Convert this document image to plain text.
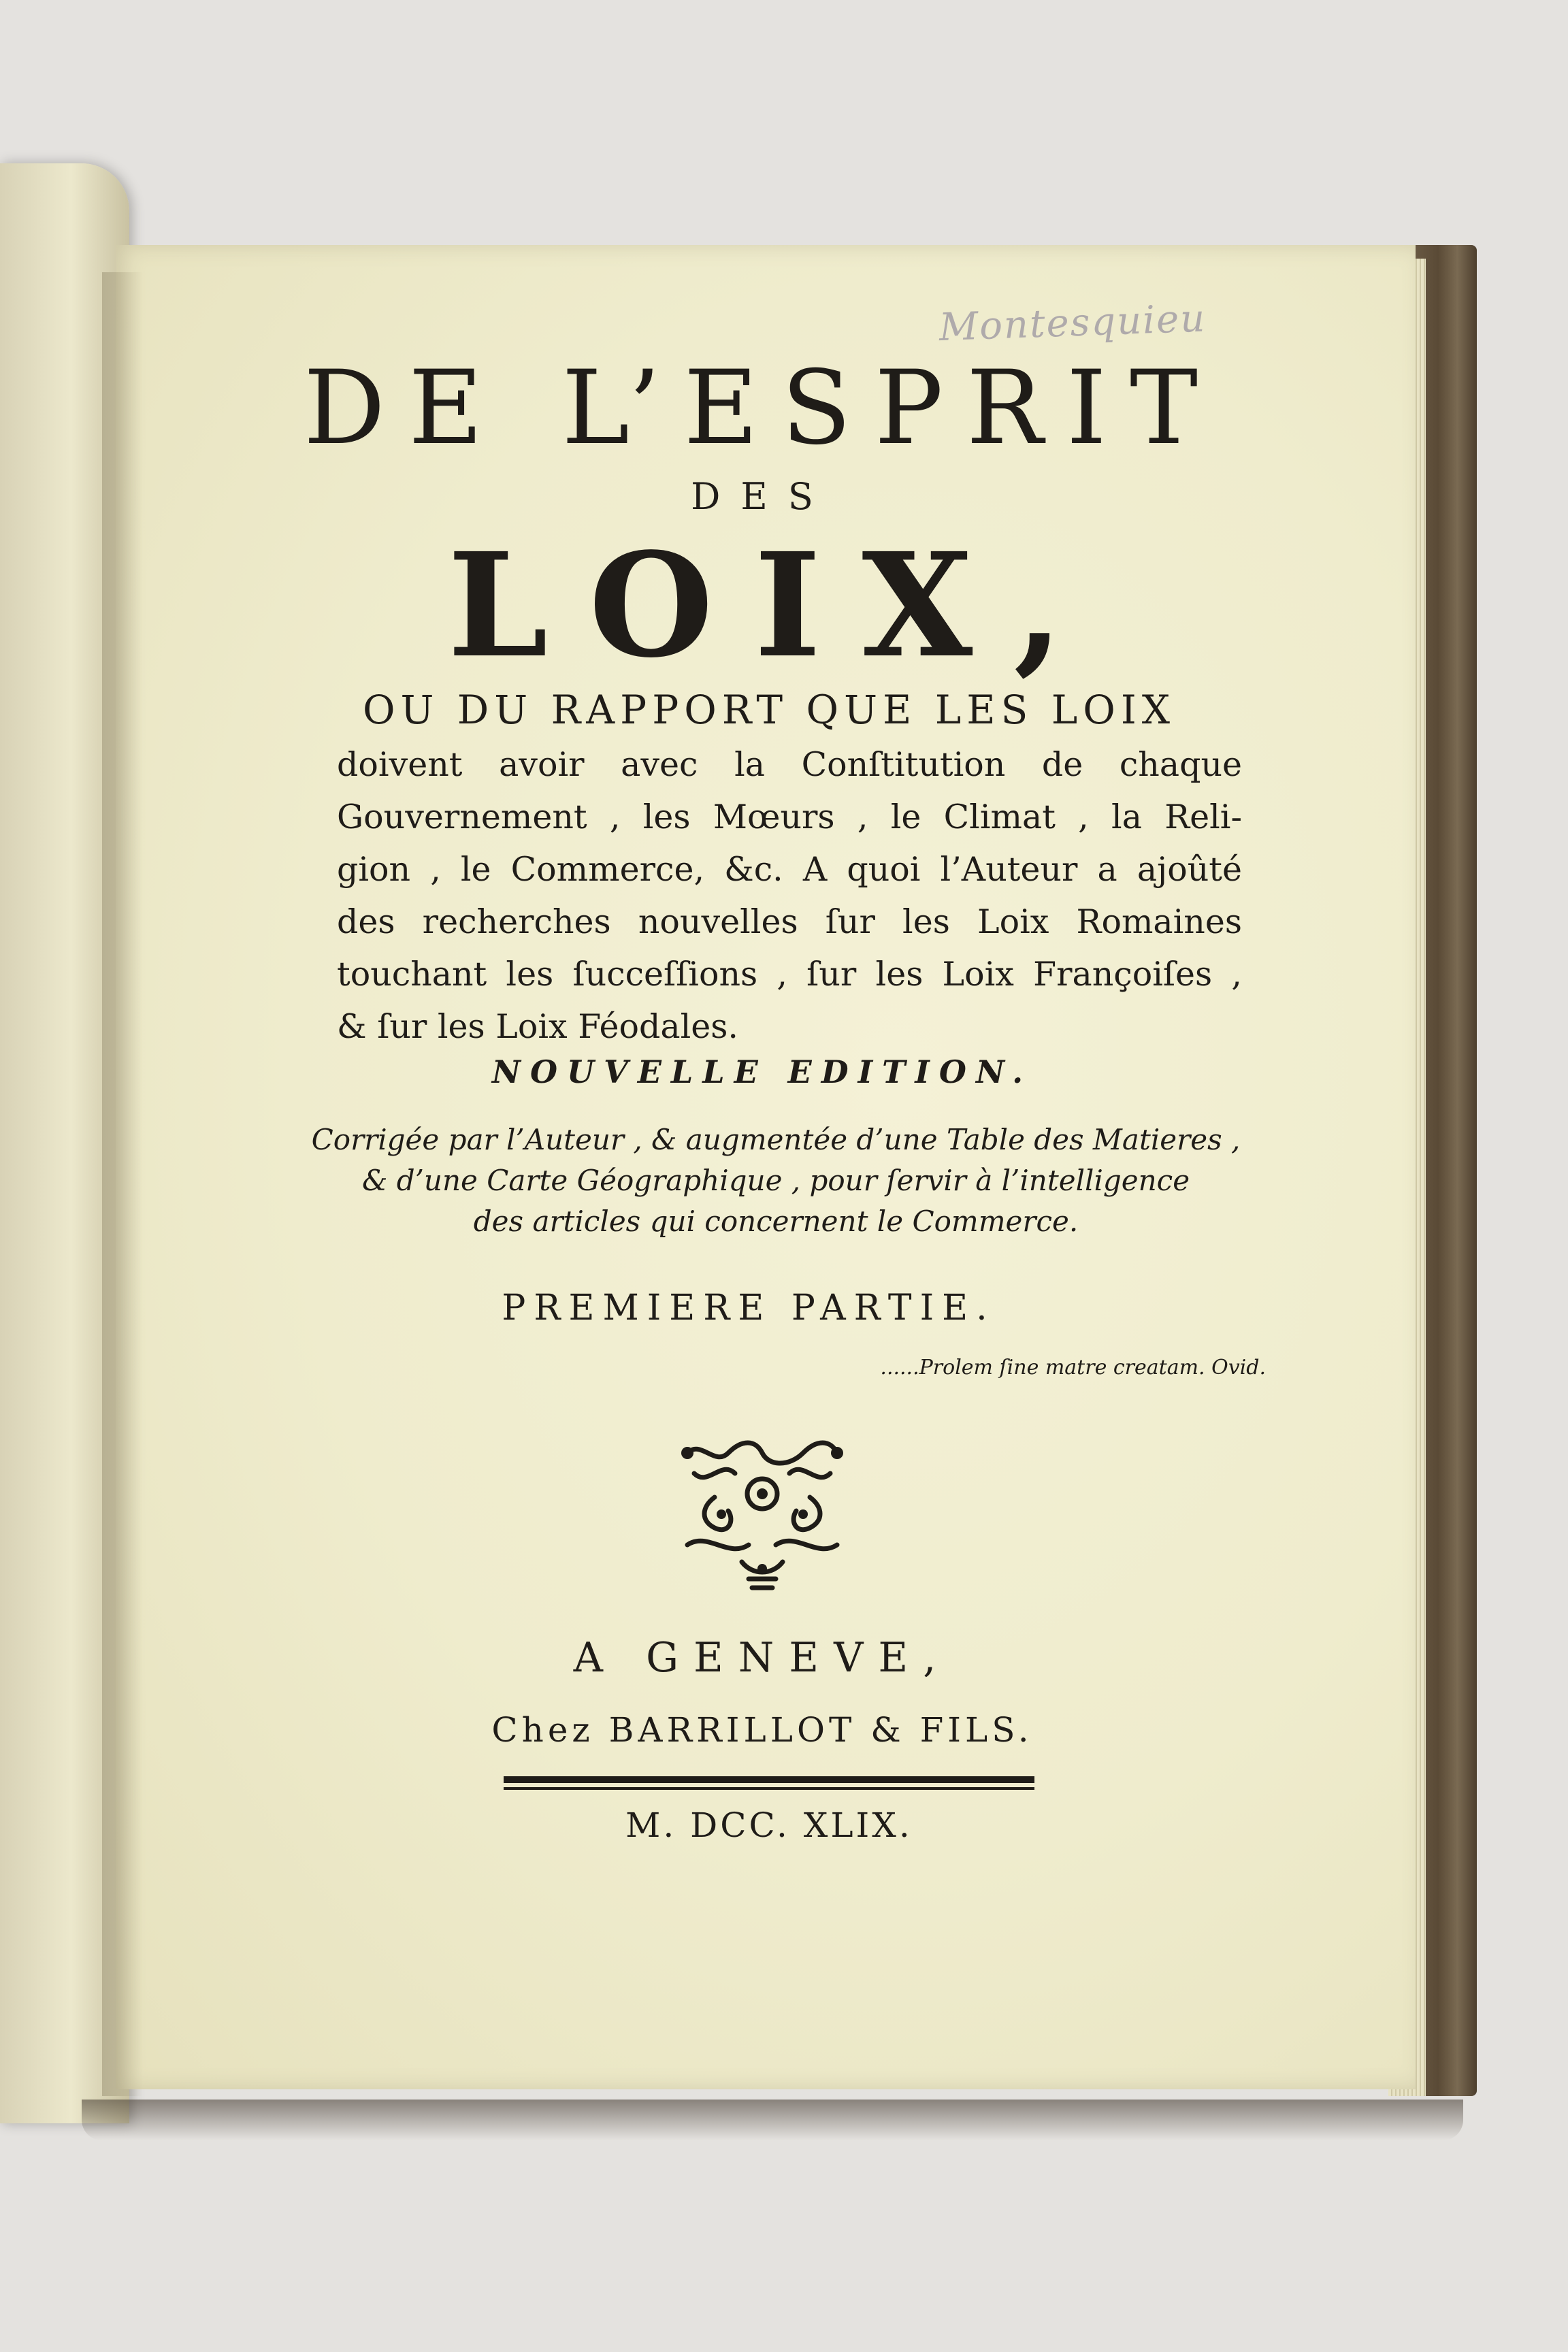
Montesquieu
DE L’ESPRIT
DES
LOIX,
OU DU RAPPORT QUE LES LOIX
doivent avoir avec la Conſtitution de chaque
Gouvernement , les Mœurs , le Climat , la Reli-
gion , le Commerce, &c. A quoi l’Auteur a ajoûté
des recherches nouvelles ſur les Loix Romaines
touchant les ſucceſſions , ſur les Loix Françoiſes ,
& ſur les Loix Féodales.
NOUVELLE EDITION.
Corrigée par l’Auteur , & augmentée d’une Table des Matieres ,
& d’une Carte Géographique , pour ſervir à l’intelligence
des articles qui concernent le Commerce.
PREMIERE PARTIE.
......Prolem ſine matre creatam. Ovid.
A GENEVE,
Chez BARRILLOT & FILS.
M. DCC. XLIX.
